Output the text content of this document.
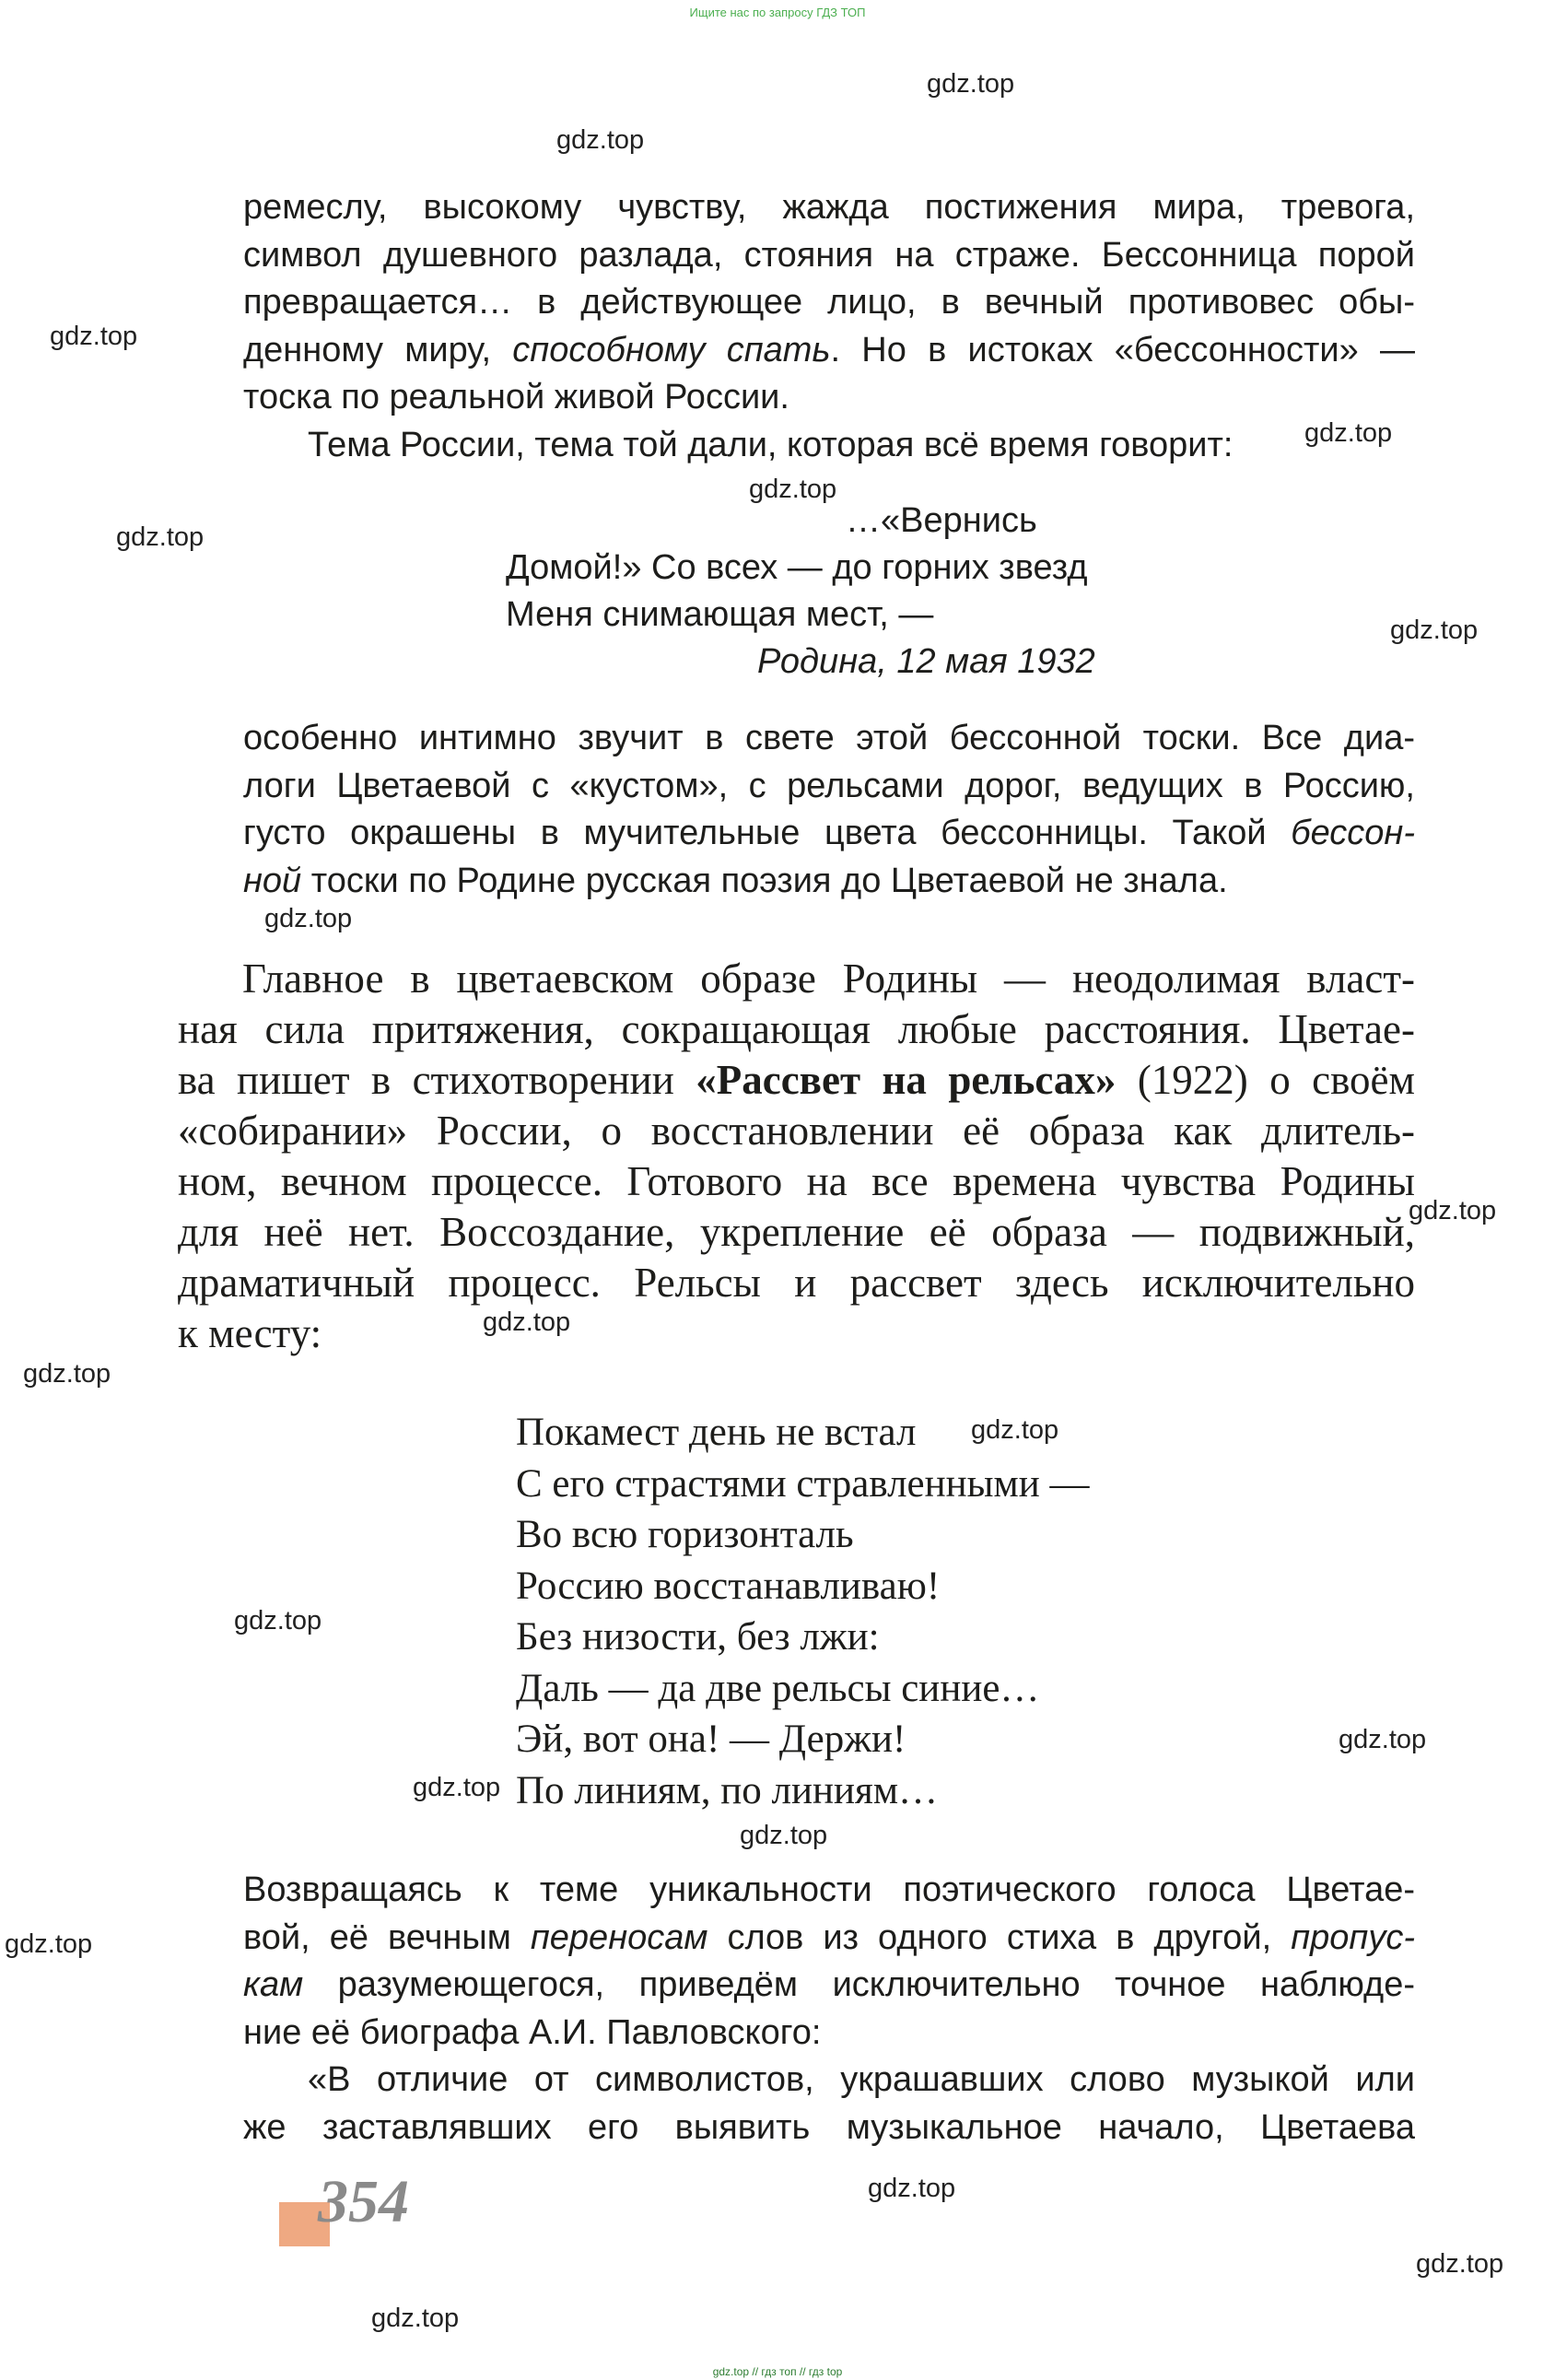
Ищите нас по запросу ГДЗ ТОП
ремеслу, высокому чувству, жажда постижения мира, тревога,
символ душевного разлада, стояния на страже. Бессонница порой
превращается… в действующее лицо, в вечный противовес обы-
денному миру, способному спать. Но в истоках «бессонности» —
тоска по реальной живой России.
Тема России, тема той дали, которая всё время говорит:
…«Вернись
Домой!» Со всех — до горних звезд
Меня снимающая мест, —
Родина, 12 мая 1932
особенно интимно звучит в свете этой бессонной тоски. Все диа-
логи Цветаевой с «кустом», с рельсами дорог, ведущих в Россию,
густо окрашены в мучительные цвета бессонницы. Такой бессон-
ной тоски по Родине русская поэзия до Цветаевой не знала.
Главное в цветаевском образе Родины — неодолимая власт-
ная сила притяжения, сокращающая любые расстояния. Цветае-
ва пишет в стихотворении «Рассвет на рельсах» (1922) о своём
«собирании» России, о восстановлении её образа как длитель-
ном, вечном процессе. Готового на все времена чувства Родины
для неё нет. Воссоздание, укрепление её образа — подвижный,
драматичный процесс. Рельсы и рассвет здесь исключительно
к месту:
Покамест день не встал
С его страстями стравленными —
Во всю горизонталь
Россию восстанавливаю!
Без низости, без лжи:
Даль — да две рельсы синие…
Эй, вот она! — Держи!
По линиям, по линиям…
Возвращаясь к теме уникальности поэтического голоса Цветае-
вой, её вечным переносам слов из одного стиха в другой, пропус-
кам разумеющегося, приведём исключительно точное наблюде-
ние её биографа А.И. Павловского:
«В отличие от символистов, украшавших слово музыкой или
же заставлявших его выявить музыкальное начало, Цветаева
354
gdz.top
gdz.top
gdz.top
gdz.top
gdz.top
gdz.top
gdz.top
gdz.top
gdz.top
gdz.top
gdz.top
gdz.top
gdz.top
gdz.top
gdz.top
gdz.top
gdz.top
gdz.top
gdz.top
gdz.top
gdz.top // гдз топ // гдз top
